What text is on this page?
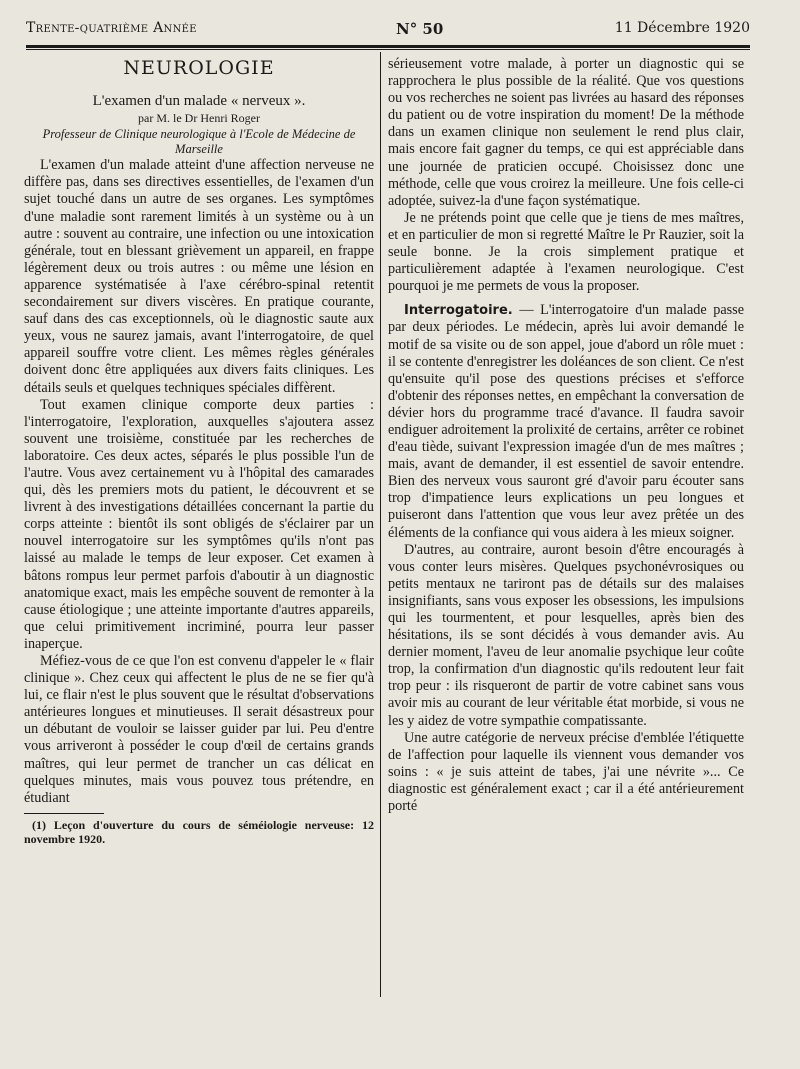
Trente-quatrième Année	N° 50	11 Décembre 1920
NEUROLOGIE

L'examen d'un malade « nerveux ».

par M. le Dr Henri Roger

Professeur de Clinique neurologique à l'Ecole de Médecine de Marseille

L'examen d'un malade atteint d'une affection nerveuse ne diffère pas, dans ses directives essentielles, de l'examen d'un sujet touché dans un autre de ses organes. Les symptômes d'une maladie sont rarement limités à un système ou à un autre : souvent au contraire, une infection ou une intoxication générale, tout en blessant grièvement un appareil, en frappe légèrement deux ou trois autres : ou même une lésion en apparence systématisée à l'axe cérébro-spinal retentit secondairement sur divers viscères. En pratique courante, sauf dans des cas exceptionnels, où le diagnostic saute aux yeux, vous ne saurez jamais, avant l'interrogatoire, de quel appareil souffre votre client. Les mêmes règles générales doivent donc être appliquées aux divers faits cliniques. Les détails seuls et quelques techniques spéciales diffèrent.

Tout examen clinique comporte deux parties : l'interrogatoire, l'exploration, auxquelles s'ajoutera assez souvent une troisième, constituée par les recherches de laboratoire. Ces deux actes, séparés le plus possible l'un de l'autre. Vous avez certainement vu à l'hôpital des camarades qui, dès les premiers mots du patient, le découvrent et se livrent à des investigations détaillées concernant la partie du corps atteinte : bientôt ils sont obligés de s'éclairer par un nouvel interrogatoire sur les symptômes qu'ils n'ont pas laissé au malade le temps de leur exposer. Cet examen à bâtons rompus leur permet parfois d'aboutir à un diagnostic anatomique exact, mais les empêche souvent de remonter à la cause étiologique ; une atteinte importante d'autres appareils, que celui primitivement incriminé, pourra leur passer inaperçue.

Méfiez-vous de ce que l'on est convenu d'appeler le « flair clinique ». Chez ceux qui affectent le plus de ne se fier qu'à lui, ce flair n'est le plus souvent que le résultat d'observations antérieures longues et minutieuses. Il serait désastreux pour un débutant de vouloir se laisser guider par lui. Peu d'entre vous arriveront à posséder le coup d'œil de certains grands maîtres, qui leur permet de trancher un cas délicat en quelques minutes, mais vous pouvez tous prétendre, en étudiant

(1) Leçon d'ouverture du cours de séméiologie nerveuse: 12 novembre 1920.

sérieusement votre malade, à porter un diagnostic qui se rapprochera le plus possible de la réalité. Que vos questions ou vos recherches ne soient pas livrées au hasard des réponses du patient ou de votre inspiration du moment! De la méthode dans un examen clinique non seulement le rend plus clair, mais encore fait gagner du temps, ce qui est appréciable dans une journée de praticien occupé. Choisissez donc une méthode, celle que vous croirez la meilleure. Une fois celle-ci adoptée, suivez-la d'une façon systématique.

Je ne prétends point que celle que je tiens de mes maîtres, et en particulier de mon si regretté Maître le Pr Rauzier, soit la seule bonne. Je la crois simplement pratique et particulièrement adaptée à l'examen neurologique. C'est pourquoi je me permets de vous la proposer.

Interrogatoire. — L'interrogatoire d'un malade passe par deux périodes. Le médecin, après lui avoir demandé le motif de sa visite ou de son appel, joue d'abord un rôle muet : il se contente d'enregistrer les doléances de son client. Ce n'est qu'ensuite qu'il pose des questions précises et s'efforce d'obtenir des réponses nettes, en empêchant la conversation de dévier hors du programme tracé d'avance. Il faudra savoir endiguer adroitement la prolixité de certains, arrêter ce robinet d'eau tiède, suivant l'expression imagée d'un de mes maîtres ; mais, avant de demander, il est essentiel de savoir entendre. Bien des nerveux vous sauront gré d'avoir paru écouter sans trop d'impatience leurs explications un peu longues et puiseront dans l'attention que vous leur avez prêtée un des éléments de la confiance qui vous aidera à les mieux soigner.

D'autres, au contraire, auront besoin d'être encouragés à vous conter leurs misères. Quelques psychonévrosiques ou petits mentaux ne tariront pas de détails sur des malaises insignifiants, sans vous exposer les obsessions, les impulsions qui les tourmentent, et pour lesquelles, après bien des hésitations, ils se sont décidés à vous demander avis. Au dernier moment, l'aveu de leur anomalie psychique leur coûte trop, la confirmation d'un diagnostic qu'ils redoutent leur fait trop peur : ils risqueront de partir de votre cabinet sans vous avoir mis au courant de leur véritable état morbide, si vous ne les y aidez de votre sympathie compatissante.

Une autre catégorie de nerveux précise d'emblée l'étiquette de l'affection pour laquelle ils viennent vous demander vos soins : « je suis atteint de tabes, j'ai une névrite »... Ce diagnostic est généralement exact ; car il a été antérieurement porté
